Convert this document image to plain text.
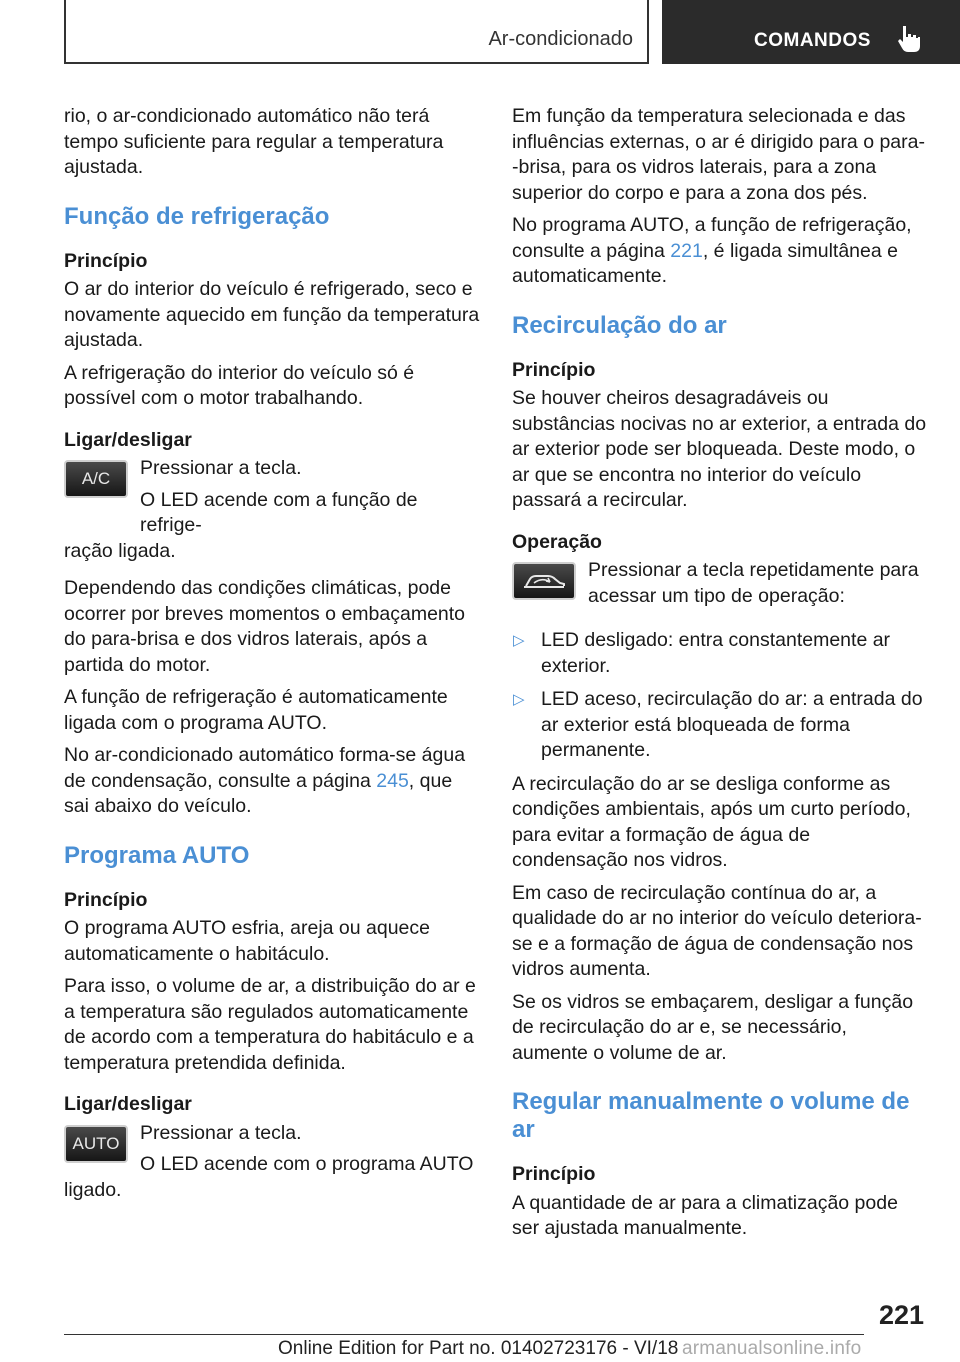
Ar-condicionado	COMANDOS

rio, o ar-condicionado automático não terá tempo suficiente para regular a temperatura ajustada.

Função de refrigeração
Princípio

O ar do interior do veículo é refrigerado, seco e novamente aquecido em função da temperatura ajustada.

A refrigeração do interior do veículo só é possível com o motor trabalhando.

Ligar/desligar
A/C	Pressionar a tecla.

O LED acende com a função de refrige-

ração ligada.

Dependendo das condições climáticas, pode ocorrer por breves momentos o embaçamento do para-brisa e dos vidros laterais, após a partida do motor.

A função de refrigeração é automaticamente ligada com o programa AUTO.

No ar-condicionado automático forma-se água de condensação, consulte a página 245, que sai abaixo do veículo.

Programa AUTO
Princípio

O programa AUTO esfria, areja ou aquece automaticamente o habitáculo.

Para isso, o volume de ar, a distribuição do ar e a temperatura são regulados automaticamente de acordo com a temperatura do habitáculo e a temperatura pretendida definida.

Ligar/desligar
AUTO	Pressionar a tecla.

O LED acende com o programa AUTO

ligado.

Em função da temperatura selecionada e das influências externas, o ar é dirigido para o para--brisa, para os vidros laterais, para a zona superior do corpo e para a zona dos pés.

No programa AUTO, a função de refrigeração, consulte a página 221, é ligada simultânea e automaticamente.

Recirculação do ar
Princípio

Se houver cheiros desagradáveis ou substâncias nocivas no ar exterior, a entrada do ar exterior pode ser bloqueada. Deste modo, o ar que se encontra no interior do veículo passará a recircular.

Operação

Pressionar a tecla repetidamente para acessar um tipo de operação:

▷ LED desligado: entra constantemente ar exterior.
▷ LED aceso, recirculação do ar: a entrada do ar exterior está bloqueada de forma permanente.

A recirculação do ar se desliga conforme as condições ambientais, após um curto período, para evitar a formação de água de condensação nos vidros.

Em caso de recirculação contínua do ar, a qualidade do ar no interior do veículo deteriora-se e a formação de água de condensação nos vidros aumenta.

Se os vidros se embaçarem, desligar a função de recirculação do ar e, se necessário, aumente o volume de ar.

Regular manualmente o volume de ar
Princípio

A quantidade de ar para a climatização pode ser ajustada manualmente.

221
Online Edition for Part no. 01402723176 - VI/18 armanualsonline.info
